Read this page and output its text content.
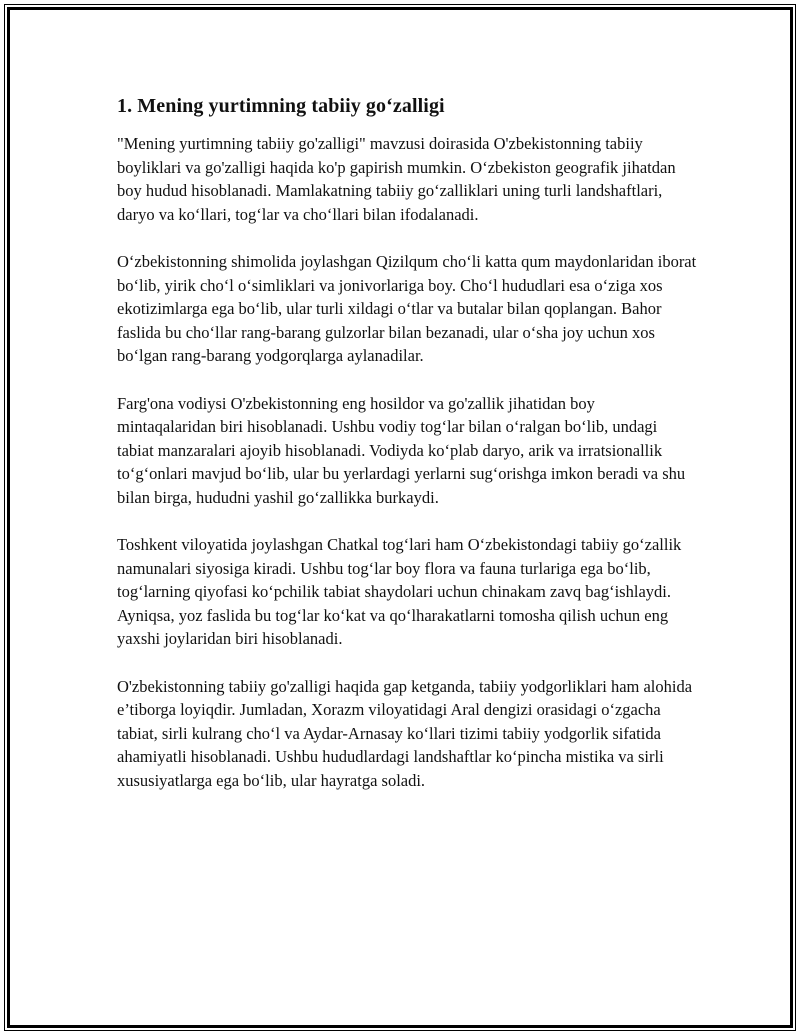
1. Mening yurtimning tabiiy go‘zalligi

"Mening yurtimning tabiiy go'zalligi" mavzusi doirasida O'zbekistonning tabiiy boyliklari va go'zalligi haqida ko'p gapirish mumkin. O‘zbekiston geografik jihatdan boy hudud hisoblanadi. Mamlakatning tabiiy go‘zalliklari uning turli landshaftlari, daryo va ko‘llari, tog‘lar va cho‘llari bilan ifodalanadi.

O‘zbekistonning shimolida joylashgan Qizilqum cho‘li katta qum maydonlaridan iborat bo‘lib, yirik cho‘l o‘simliklari va jonivorlariga boy. Cho‘l hududlari esa o‘ziga xos ekotizimlarga ega bo‘lib, ular turli xildagi o‘tlar va butalar bilan qoplangan. Bahor faslida bu cho‘llar rang-barang gulzorlar bilan bezanadi, ular o‘sha joy uchun xos bo‘lgan rang-barang yodgorqlarga aylanadilar.

Farg'ona vodiysi O'zbekistonning eng hosildor va go'zallik jihatidan boy mintaqalaridan biri hisoblanadi. Ushbu vodiy tog‘lar bilan o‘ralgan bo‘lib, undagi tabiat manzaralari ajoyib hisoblanadi. Vodiyda ko‘plab daryo, arik va irratsionallik to‘g‘onlari mavjud bo‘lib, ular bu yerlardagi yerlarni sug‘orishga imkon beradi va shu bilan birga, hududni yashil go‘zallikka burkaydi.

Toshkent viloyatida joylashgan Chatkal tog‘lari ham O‘zbekistondagi tabiiy go‘zallik namunalari siyosiga kiradi. Ushbu tog‘lar boy flora va fauna turlariga ega bo‘lib, tog‘larning qiyofasi ko‘pchilik tabiat shaydolari uchun chinakam zavq bag‘ishlaydi. Ayniqsa, yoz faslida bu tog‘lar ko‘kat va qo‘lharakatlarni tomosha qilish uchun eng yaxshi joylaridan biri hisoblanadi.

O'zbekistonning tabiiy go'zalligi haqida gap ketganda, tabiiy yodgorliklari ham alohida e’tiborga loyiqdir. Jumladan, Xorazm viloyatidagi Aral dengizi orasidagi o‘zgacha tabiat, sirli kulrang cho‘l va Aydar-Arnasay ko‘llari tizimi tabiiy yodgorlik sifatida ahamiyatli hisoblanadi. Ushbu hududlardagi landshaftlar ko‘pincha mistika va sirli xususiyatlarga ega bo‘lib, ular hayratga soladi.
